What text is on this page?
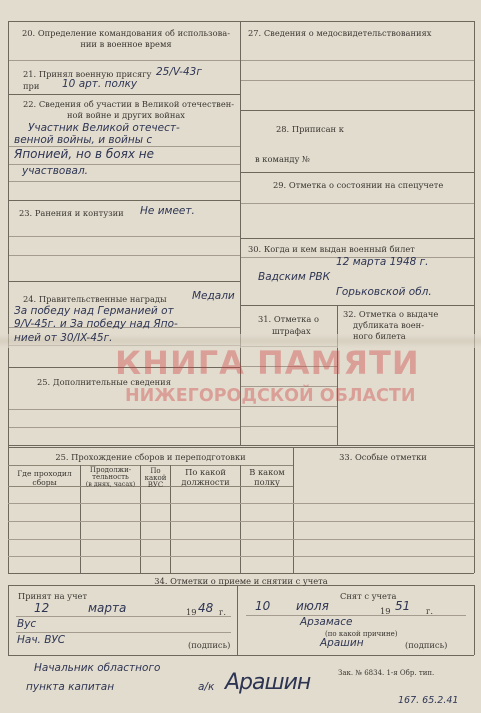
20. Определение командования об использова-
нии в военное время
21. Принял военную присягу 25/V-43г
при 10 арт. полку
22. Сведения об участии в Великой отечествен-
ной войне и других войнах
Участник Великой отечест-
венной войны, и войны с
Японией, но в боях не
участвовал.
23. Ранения и контузии Не имеет.
24. Правительственные награды Медали
За победу над Германией от
9/V-45г. и За победу над Япо-
нией от 30/IX-45г.
25. Дополнительные сведения
27. Сведения о медосвидетельствованиях
28. Приписан к
в команду №
29. Отметка о состоянии на спецучете
30. Когда и кем выдан военный билет
12 марта 1948 г.
Вадским РВК
Горьковской обл.
31. Отметка о
штрафах
32. Отметка о выдаче
дубликата воен-
ного билета
25. Прохождение сборов и переподготовки	33. Особые отметки
Где проходил сборы
Продолжи-
тельность
(в днях, часах)
По
какой
ВУС
По какой
должности
В каком
полку
34. Отметки о приеме и снятии с учета
Принят на учет
12	марта	19 48 г.
Вус
Нач. ВУС	(подпись)
Снят с учета
10 июля	19 51 г.
Арзамасе
(по какой причине)
Арашин	(подпись)
Начальник областного
пункта капитан	а/к Арашин	Зак. № 6834. 1-я Обр. тип.
167. 65.2.41
КНИГА ПАМЯТИ
НИЖЕГОРОДСКОЙ ОБЛАСТИ
